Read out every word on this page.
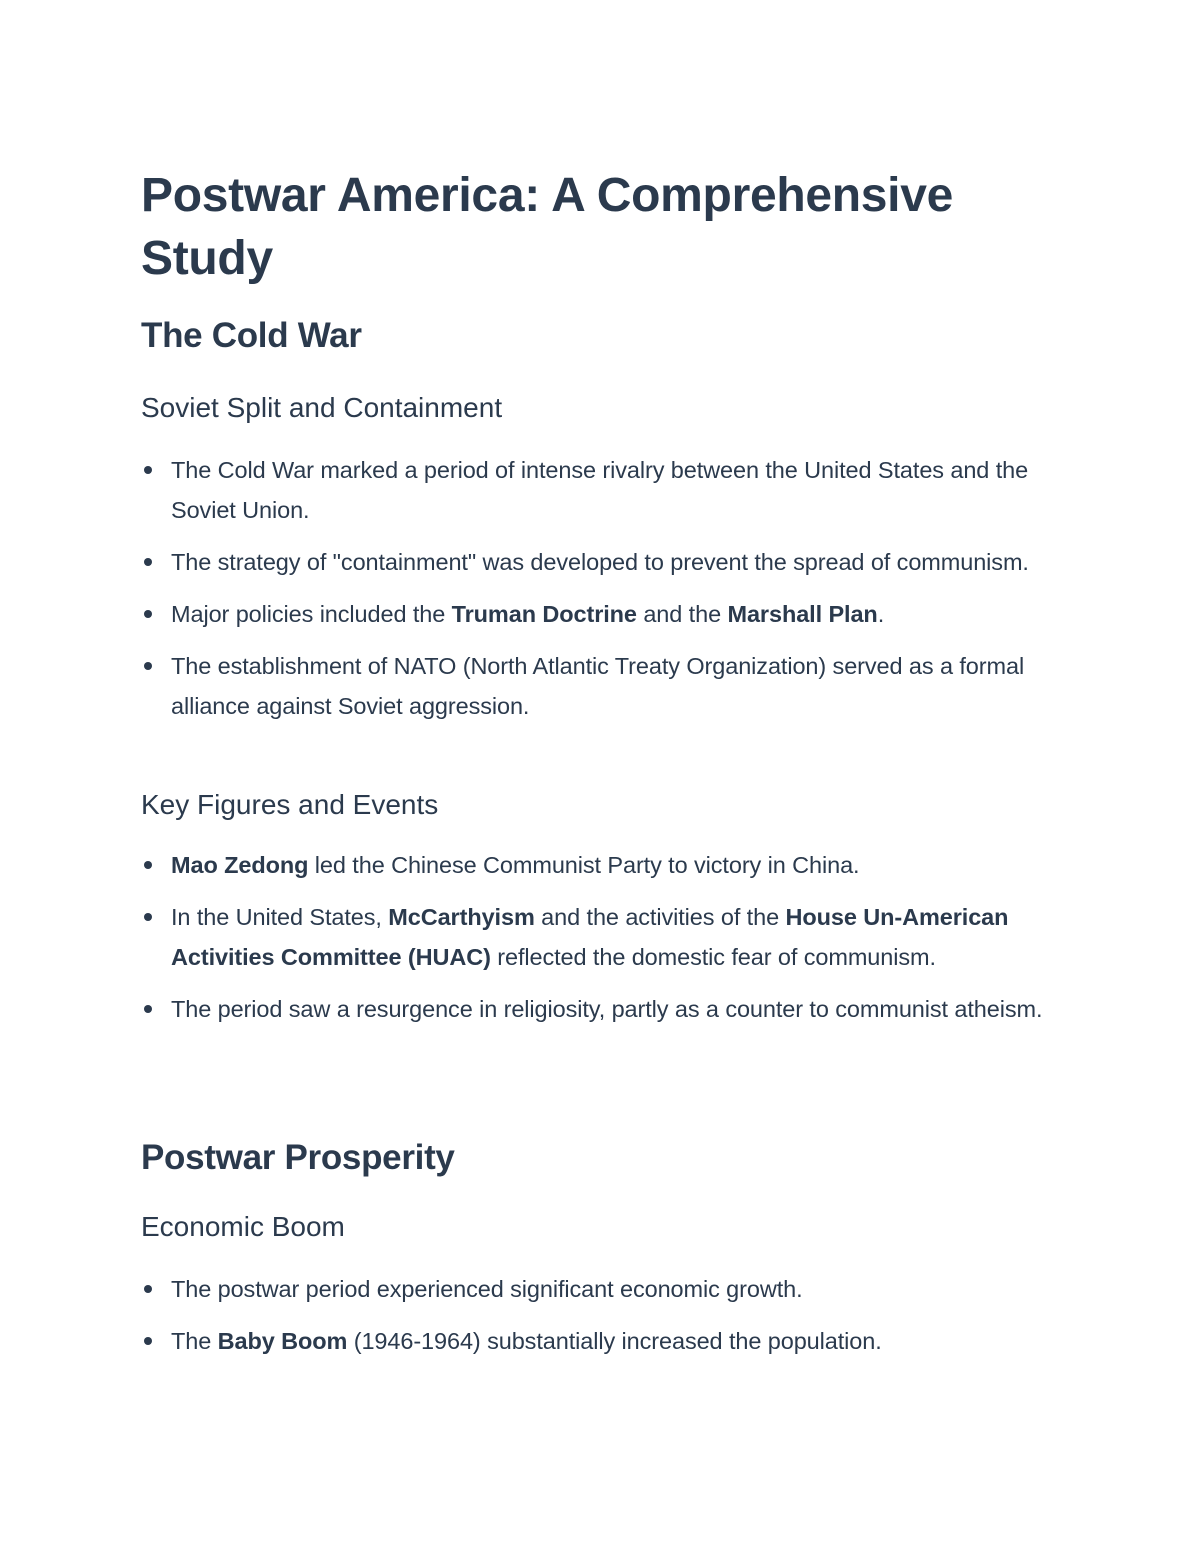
Postwar America: A Comprehensive Study
The Cold War
Soviet Split and Containment
The Cold War marked a period of intense rivalry between the United States and the Soviet Union.
The strategy of "containment" was developed to prevent the spread of communism.
Major policies included the Truman Doctrine and the Marshall Plan.
The establishment of NATO (North Atlantic Treaty Organization) served as a formal alliance against Soviet aggression.
Key Figures and Events
Mao Zedong led the Chinese Communist Party to victory in China.
In the United States, McCarthyism and the activities of the House Un-American Activities Committee (HUAC) reflected the domestic fear of communism.
The period saw a resurgence in religiosity, partly as a counter to communist atheism.
Postwar Prosperity
Economic Boom
The postwar period experienced significant economic growth.
The Baby Boom (1946-1964) substantially increased the population.
